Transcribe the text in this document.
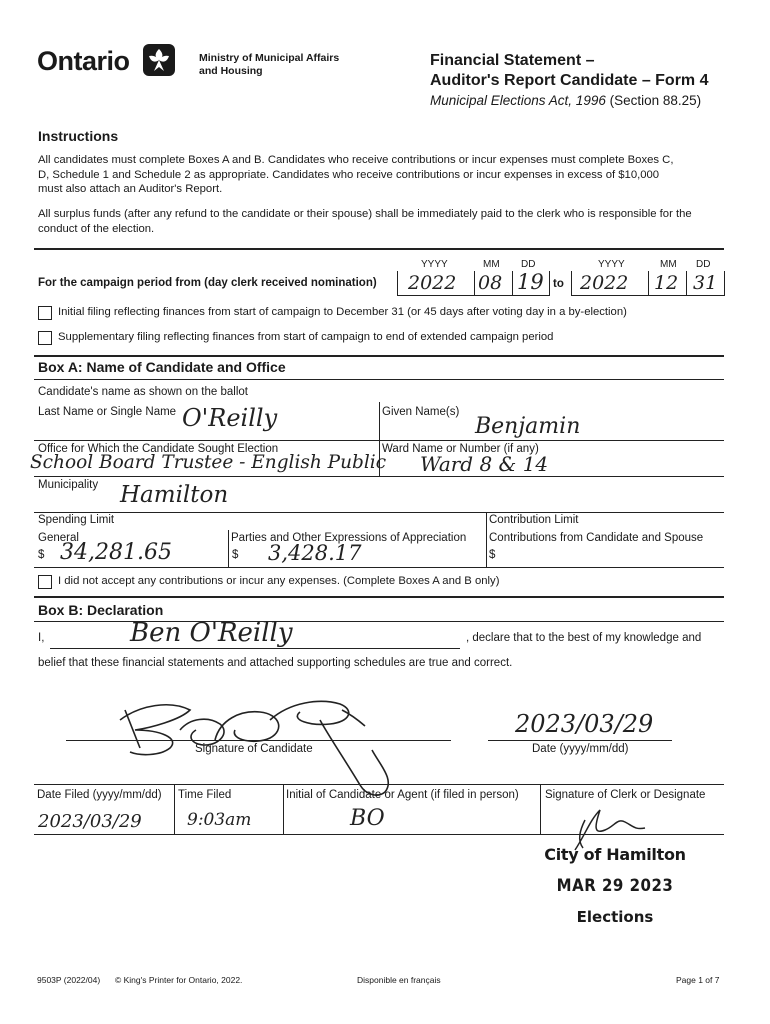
Ontario	Ministry of Municipal Affairs
and Housing
Financial Statement –
Auditor's Report Candidate – Form 4
Municipal Elections Act, 1996 (Section 88.25)
Instructions
All candidates must complete Boxes A and B. Candidates who receive contributions or incur expenses must complete Boxes C, D, Schedule 1 and Schedule 2 as appropriate. Candidates who receive contributions or incur expenses in excess of $10,000 must also attach an Auditor's Report.
All surplus funds (after any refund to the candidate or their spouse) shall be immediately paid to the clerk who is responsible for the conduct of the election.
YYYY	MM DD	YYYY	MM DD
For the campaign period from (day clerk received nomination) 2022 08 19 to 2022 12 31
Initial filing reflecting finances from start of campaign to December 31 (or 45 days after voting day in a by-election)
Supplementary filing reflecting finances from start of campaign to end of extended campaign period
Box A: Name of Candidate and Office
Candidate's name as shown on the ballot
Last Name or Single Name O'Reilly	Given Name(s)
Benjamin
Office for Which the Candidate Sought Election
School Board Trustee - English Public
Ward Name or Number (if any)
Ward 8 & 14
Municipality Hamilton
Spending Limit
General
$ 34,281.65
Parties and Other Expressions of Appreciation
$ 3,428.17
Contribution Limit
Contributions from Candidate and Spouse
$
I did not accept any contributions or incur any expenses. (Complete Boxes A and B only)
Box B: Declaration
I,	Ben O'Reilly	, declare that to the best of my knowledge and
belief that these financial statements and attached supporting schedules are true and correct.
Signature of Candidate
2023/03/29
Date (yyyy/mm/dd)
Date Filed (yyyy/mm/dd)
2023/03/29
Time Filed
9:03am
Initial of Candidate or Agent (if filed in person)
BO
Signature of Clerk or Designate
City of Hamilton
MAR 29 2023
Elections
9503P (2022/04) © King's Printer for Ontario, 2022.	Disponible en français	Page 1 of 7
